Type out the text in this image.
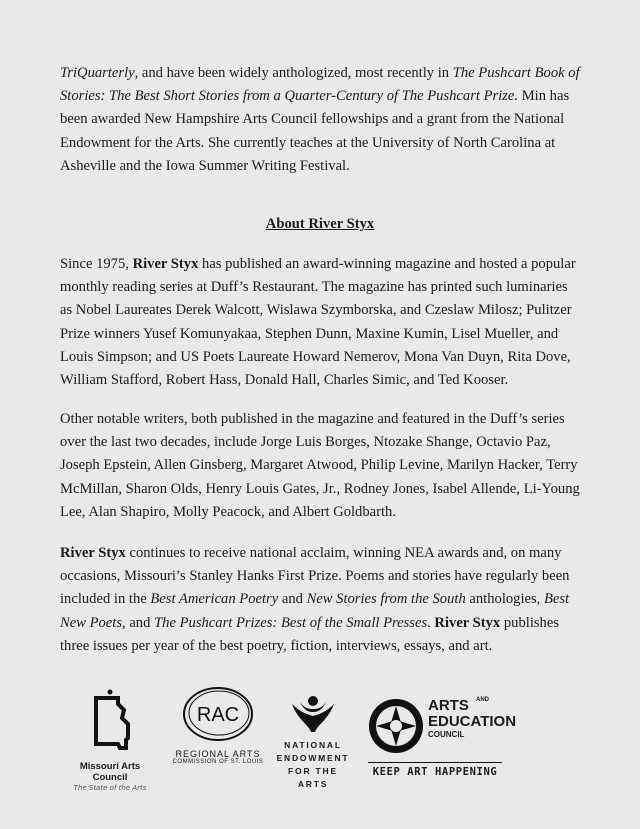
TriQuarterly, and have been widely anthologized, most recently in The Pushcart Book of Stories: The Best Short Stories from a Quarter-Century of The Pushcart Prize. Min has been awarded New Hampshire Arts Council fellowships and a grant from the National Endowment for the Arts. She currently teaches at the University of North Carolina at Asheville and the Iowa Summer Writing Festival.

About River Styx

Since 1975, River Styx has published an award-winning magazine and hosted a popular monthly reading series at Duff’s Restaurant. The magazine has printed such luminaries as Nobel Laureates Derek Walcott, Wislawa Szymborska, and Czeslaw Milosz; Pulitzer Prize winners Yusef Komunyakaa, Stephen Dunn, Maxine Kumin, Lisel Mueller, and Louis Simpson; and US Poets Laureate Howard Nemerov, Mona Van Duyn, Rita Dove, William Stafford, Robert Hass, Donald Hall, Charles Simic, and Ted Kooser.

Other notable writers, both published in the magazine and featured in the Duff’s series over the last two decades, include Jorge Luis Borges, Ntozake Shange, Octavio Paz, Joseph Epstein, Allen Ginsberg, Margaret Atwood, Philip Levine, Marilyn Hacker, Terry McMillan, Sharon Olds, Henry Louis Gates, Jr., Rodney Jones, Isabel Allende, Li-Young Lee, Alan Shapiro, Molly Peacock, and Albert Goldbarth.

River Styx continues to receive national acclaim, winning NEA awards and, on many occasions, Missouri’s Stanley Hanks First Prize. Poems and stories have regularly been included in the Best American Poetry and New Stories from the South anthologies, Best New Poets, and The Pushcart Prizes: Best of the Small Presses. River Styx publishes three issues per year of the best poetry, fiction, interviews, essays, and art.

Missouri Arts Council
The State of the Arts
RAC
REGIONAL ARTS
COMMISSION OF ST. LOUIS
NATIONAL
ENDOWMENT
FOR THE ARTS
ARTS AND
EDUCATION
COUNCIL
KEEP ART HAPPENING
